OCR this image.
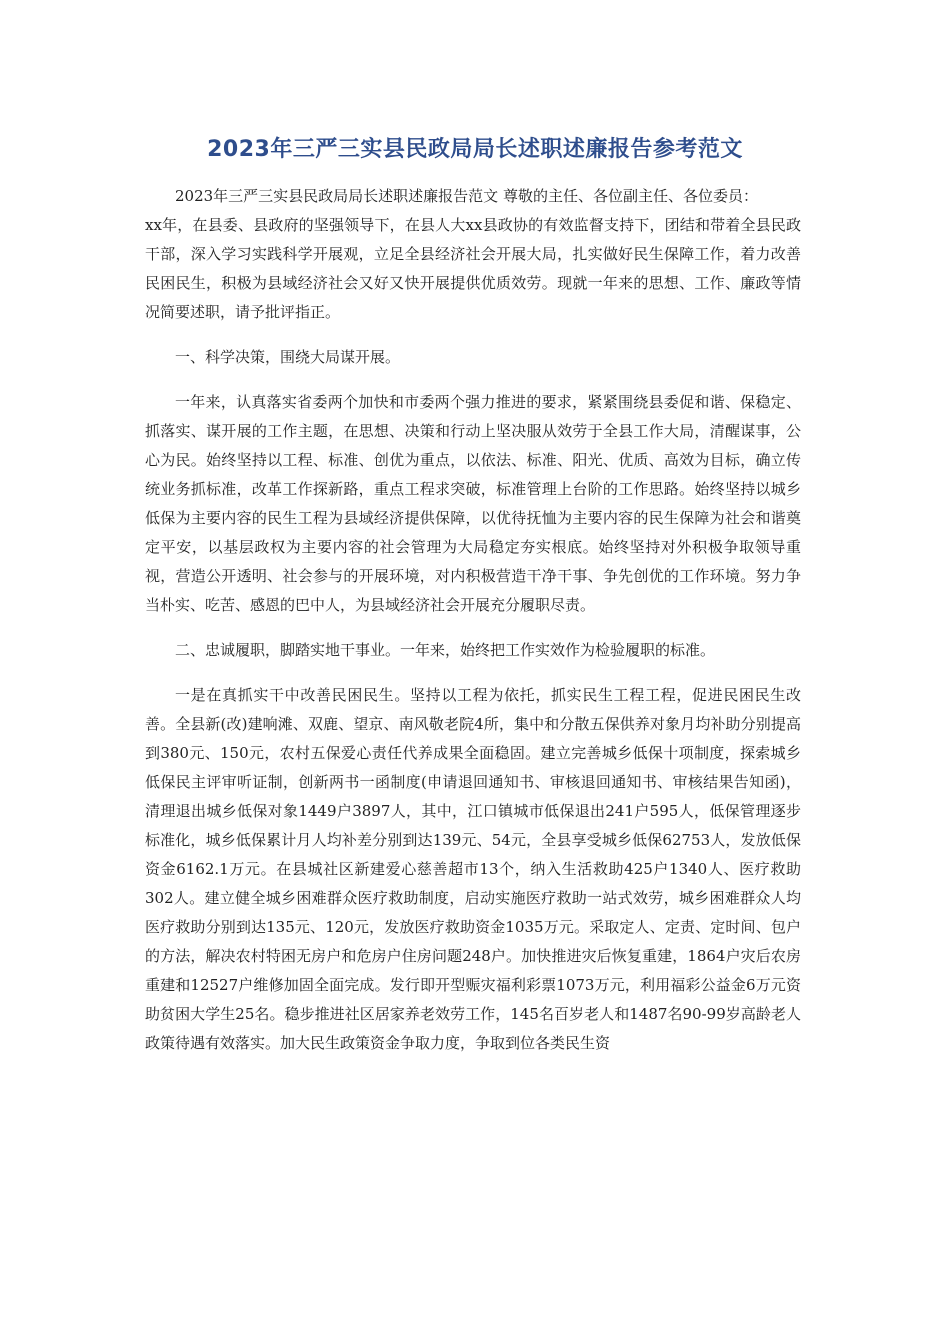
2023年三严三实县民政局局长述职述廉报告参考范文

2023年三严三实县民政局局长述职述廉报告范文 尊敬的主任、各位副主任、各位委员：

xx年，在县委、县政府的坚强领导下，在县人大xx县政协的有效监督支持下，团结和带着全县民政干部，深入学习实践科学开展观，立足全县经济社会开展大局，扎实做好民生保障工作，着力改善民困民生，积极为县域经济社会又好又快开展提供优质效劳。现就一年来的思想、工作、廉政等情况简要述职，请予批评指正。

一、科学决策，围绕大局谋开展。

一年来，认真落实省委两个加快和市委两个强力推进的要求，紧紧围绕县委促和谐、保稳定、抓落实、谋开展的工作主题，在思想、决策和行动上坚决服从效劳于全县工作大局，清醒谋事，公心为民。始终坚持以工程、标准、创优为重点，以依法、标准、阳光、优质、高效为目标，确立传统业务抓标准，改革工作探新路，重点工程求突破，标准管理上台阶的工作思路。始终坚持以城乡低保为主要内容的民生工程为县域经济提供保障，以优待抚恤为主要内容的民生保障为社会和谐奠定平安，以基层政权为主要内容的社会管理为大局稳定夯实根底。始终坚持对外积极争取领导重视，营造公开透明、社会参与的开展环境，对内积极营造干净干事、争先创优的工作环境。努力争当朴实、吃苦、感恩的巴中人，为县域经济社会开展充分履职尽责。

二、忠诚履职，脚踏实地干事业。一年来，始终把工作实效作为检验履职的标准。

一是在真抓实干中改善民困民生。坚持以工程为依托，抓实民生工程工程，促进民困民生改善。全县新(改)建响滩、双鹿、望京、南风敬老院4所，集中和分散五保供养对象月均补助分别提高到380元、150元，农村五保爱心责任代养成果全面稳固。建立完善城乡低保十项制度，探索城乡低保民主评审听证制，创新两书一函制度(申请退回通知书、审核退回通知书、审核结果告知函)，清理退出城乡低保对象1449户3897人，其中，江口镇城市低保退出241户595人，低保管理逐步标准化，城乡低保累计月人均补差分别到达139元、54元，全县享受城乡低保62753人，发放低保资金6162.1万元。在县城社区新建爱心慈善超市13个，纳入生活救助425户1340人、医疗救助302人。建立健全城乡困难群众医疗救助制度，启动实施医疗救助一站式效劳，城乡困难群众人均医疗救助分别到达135元、120元，发放医疗救助资金1035万元。采取定人、定责、定时间、包户的方法，解决农村特困无房户和危房户住房问题248户。加快推进灾后恢复重建，1864户灾后农房重建和12527户维修加固全面完成。发行即开型赈灾福利彩票1073万元，利用福彩公益金6万元资助贫困大学生25名。稳步推进社区居家养老效劳工作，145名百岁老人和1487名90-99岁高龄老人政策待遇有效落实。加大民生政策资金争取力度，争取到位各类民生资
